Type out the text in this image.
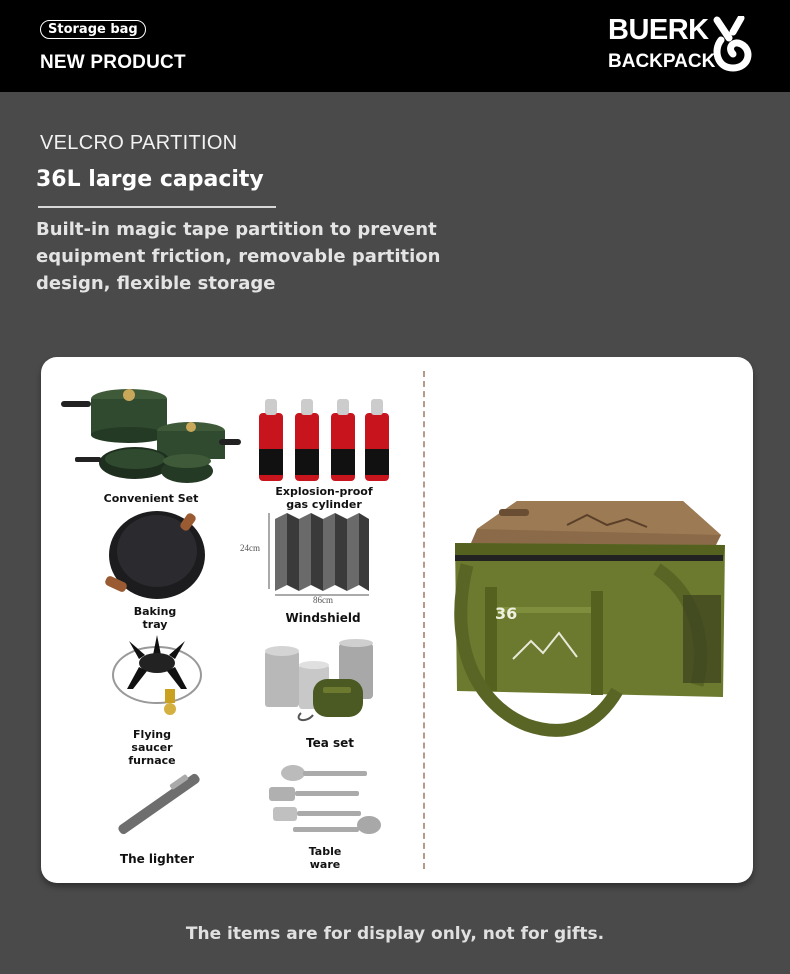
Storage bag
NEW PRODUCT
BUERK
BACKPACK
VELCRO PARTITION
36L large capacity
Built-in magic tape partition to prevent equipment friction, removable partition design, flexible storage
Convenient Set
Explosion-proof
gas cylinder
Baking
tray
24cm
86cm
Windshield
Flying
saucer
furnace
Tea set
The lighter
Table
ware
36
The items are for display only, not for gifts.
